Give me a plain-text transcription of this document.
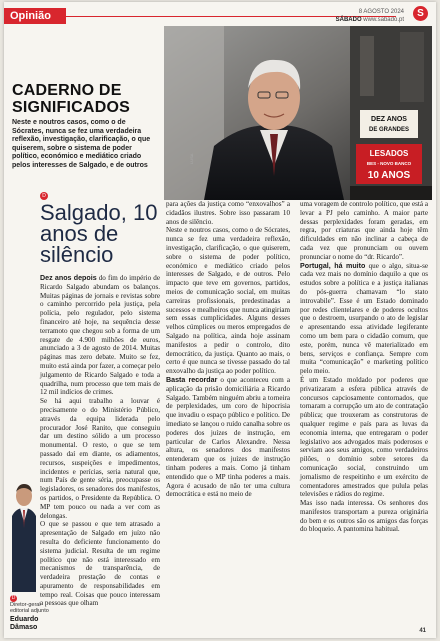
Opinião	8 AGOSTO 2024
SÁBADO www.sabado.pt
S
DEZ ANOS
DE GRANDES
LESADOS
BES - NOVO BANCO
10 ANOS
LUSA
CADERNO DE SIGNIFICADOS
Neste e noutros casos, como o de Sócrates, nunca se fez uma verdadeira reflexão, investigação, clarificação, o que quiserem, sobre o sistema de poder político, económico e mediático criado pelos interesses de Salgado, e de outros
D
Salgado, 10 anos de silêncio

Dez anos depois do fim do império de Ricardo Salgado abundam os balanços. Muitas páginas de jornais e revistas sobre o caminho percorrido pela justiça, pela polícia, pelo regulador, pelo sistema financeiro até hoje, na sequência desse terramoto que chegou sob a forma de um resgate de 4.900 milhões de euros, anunciado a 3 de agosto de 2014. Muitas páginas mas zero debate. Muito se fez, muito está ainda por fazer, a começar pelo julgamento de Ricardo Salgado e toda a quadrilha, num processo que tem mais de 12 mil indícios de crimes.

Se há aqui trabalho a louvar é precisamente o do Ministério Público, através da equipa liderada pelo procurador José Ranito, que conseguiu dar um destino sólido a um processo monumental. O resto, o que se tem passado daí em diante, os adiamentos, recursos, suspeições e impedimentos, incidentes e perícias, seria natural que, num País de gente séria, preocupasse os legisladores, os senadores dos manifestos, os partidos, o Presidente da República. O MP tem pouco ou nada a ver com as delongas.

O que se passou e que tem atrasado a apresentação de Salgado em juízo não resulta do deficiente funcionamento do sistema judicial. Resulta de um regime político que não está interessado em mecanismos de transparência, de verdadeira prestação de contas e apuramento de responsabilidades em tempo real. Coisas que pouco interessam a pessoas que olham

para ações da justiça como “enxovalhos” a cidadãos ilustres. Sobre isso passaram 10 anos de silêncio.

Neste e noutros casos, como o de Sócrates, nunca se fez uma verdadeira reflexão, investigação, clarificação, o que quiserem, sobre o sistema de poder político, económico e mediático criado pelos interesses de Salgado, e de outros. Pelo impacto que teve em governos, partidos, meios de comunicação social, em muitas carreiras profissionais, predestinadas a sucessos e mealheiros que nunca atingiriam sem essas cumplicidades. Alguns desses velhos cúmplices ou meros empregados de Salgado na política, ainda hoje assinam manifestos a pedir o controlo, dito democrático, da justiça. Quanto ao mais, o certo é que nunca se tivesse passado do tal enxovalho da justiça ao poder político.

Basta recordar o que aconteceu com a aplicação da prisão domiciliária a Ricardo Salgado. Também ninguém abriu a torneira de perplexidades, um coro de hipocrisia que invadiu o espaço público e político. De imediato se lançou o ruído canalha sobre os poderes dos juízes de instrução, em particular de Carlos Alexandre. Nessa altura, os senadores dos manifestos entenderam que os juízes de instrução tinham poderes a mais. Como já tinham entendido que o MP tinha poderes a mais. Agora é acusado de não ter uma cultura democrática e está no meio de

uma voragem de controlo político, que está a levar a PJ pelo caminho. A maior parte dessas perplexidades foram geradas, em regra, por criaturas que ainda hoje têm dificuldades em não inclinar a cabeça de cada vez que pronunciam ou ouvem pronunciar o nome do “dr. Ricardo”.

Portugal, há muito que o algo, situa-se cada vez mais no domínio daquilo a que os estudos sobre a política e a justiça italianas do pós-guerra chamavam “lo stato introvabile”. Esse é um Estado dominado por redes clientelares e de poderes ocultos que o destroem, usurpando o ato de legislar e apresentando essa atividade legiferante como um bem para o cidadão comum, que este, porém, nunca vê materializado em bens, serviços e confiança. Sempre com muita “comunicação” e marketing político pelo meio.

É um Estado moldado por poderes que privatizaram a esfera pública através de concursos capciosamente contornados, que tornaram a corrupção um ato de contratação pública; que trouxeram as construtoras de qualquer regime e país para as luvas da economia interna, que entregaram o poder legislativo aos advogados mais poderosos e serviam aos seus amigos, como verdadeiros pilões, o domínio sobre setores da comunicação social, construindo um jornalismo de respeitinho e um exército de comentadores amestrados que pulula pelas televisões e rádios do regime.

Mas isso nada interessa. Os senhores dos manifestos transportam a pureza originária do bem e os outros são os amigos das forças do bloqueio. A pantomina habitual.

D
Diretor-geral editorial adjunto
Eduardo Dâmaso
41
